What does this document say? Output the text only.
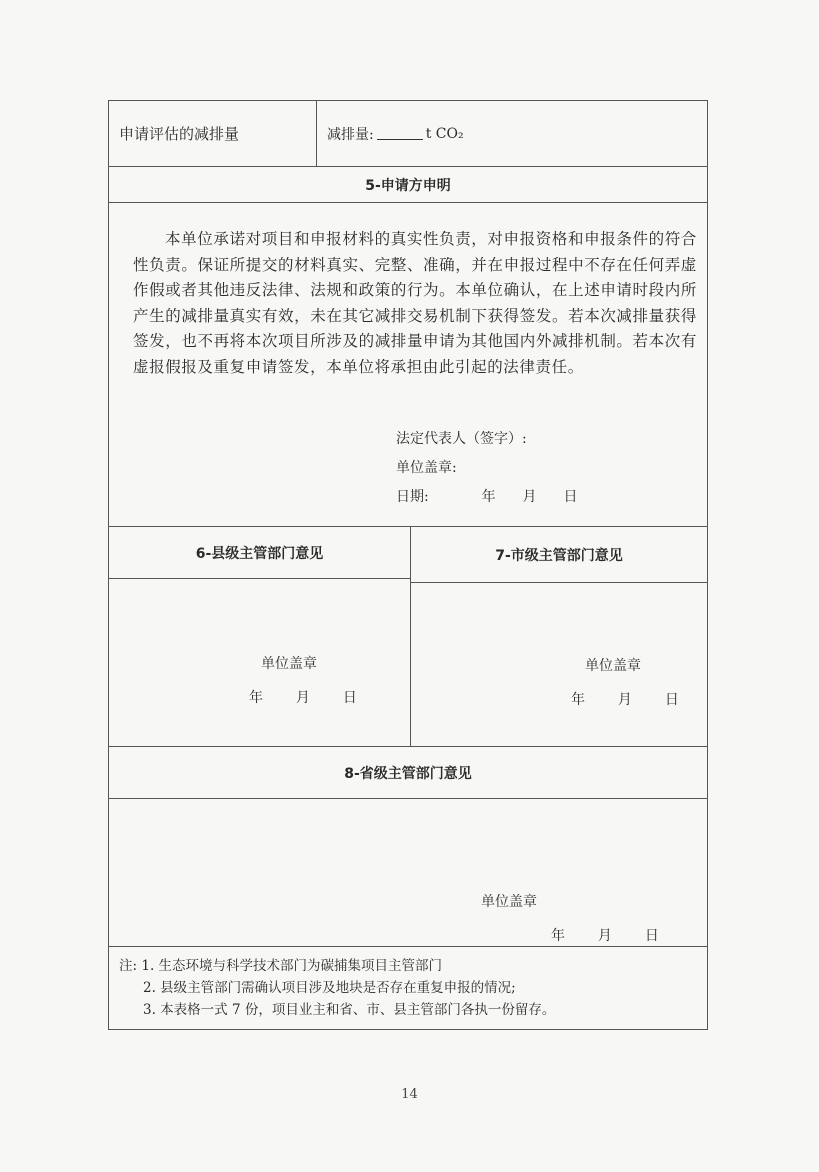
申请评估的减排量	减排量:	t CO₂
5-申请方申明
本单位承诺对项目和申报材料的真实性负责，对申报资格和申报条件的符合性负责。保证所提交的材料真实、完整、准确，并在申报过程中不存在任何弄虚作假或者其他违反法律、法规和政策的行为。本单位确认，在上述申请时段内所产生的减排量真实有效，未在其它减排交易机制下获得签发。若本次减排量获得签发，也不再将本次项目所涉及的减排量申请为其他国内外减排机制。若本次有虚报假报及重复申请签发，本单位将承担由此引起的法律责任。
法定代表人（签字）:
单位盖章:
日期:	年 月 日
6-县级主管部门意见
单位盖章
年 月 日
7-市级主管部门意见
单位盖章
年 月 日
8-省级主管部门意见
单位盖章
年 月 日
注: 1. 生态环境与科学技术部门为碳捕集项目主管部门
2. 县级主管部门需确认项目涉及地块是否存在重复申报的情况;
3. 本表格一式 7 份，项目业主和省、市、县主管部门各执一份留存。
14
